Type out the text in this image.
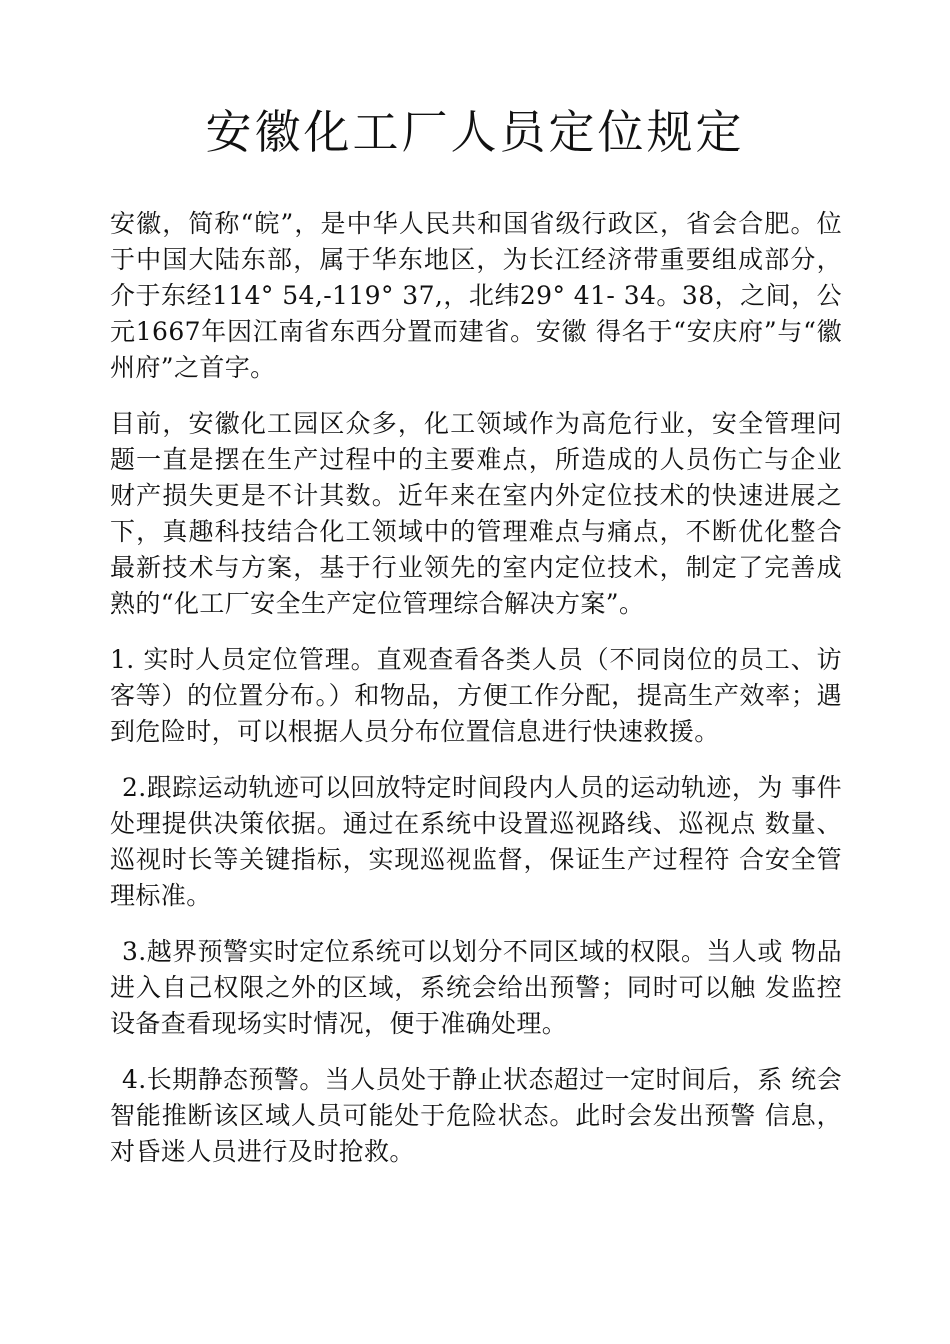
安徽化工厂人员定位规定

安徽，简称“皖”，是中华人民共和国省级行政区，省会合肥。位于中国大陆东部，属于华东地区，为长江经济带重要组成部分，介于东经114° 54,-119° 37,，北纬29° 41- 34。38，之间，公元1667年因江南省东西分置而建省。安徽 得名于“安庆府”与“徽州府”之首字。

目前，安徽化工园区众多，化工领域作为高危行业，安全管理问题一直是摆在生产过程中的主要难点，所造成的人员伤亡与企业财产损失更是不计其数。近年来在室内外定位技术的快速进展之下，真趣科技结合化工领域中的管理难点与痛点，不断优化整合最新技术与方案，基于行业领先的室内定位技术，制定了完善成熟的“化工厂安全生产定位管理综合解决方案”。

1. 实时人员定位管理。直观查看各类人员（不同岗位的员工、访客等）的位置分布。）和物品，方便工作分配，提高生产效率；遇到危险时，可以根据人员分布位置信息进行快速救援。

2.跟踪运动轨迹可以回放特定时间段内人员的运动轨迹，为 事件处理提供决策依据。通过在系统中设置巡视路线、巡视点 数量、巡视时长等关键指标，实现巡视监督，保证生产过程符 合安全管理标准。

3.越界预警实时定位系统可以划分不同区域的权限。当人或 物品进入自己权限之外的区域，系统会给出预警；同时可以触 发监控设备查看现场实时情况，便于准确处理。

4.长期静态预警。当人员处于静止状态超过一定时间后，系 统会智能推断该区域人员可能处于危险状态。此时会发出预警 信息，对昏迷人员进行及时抢救。
